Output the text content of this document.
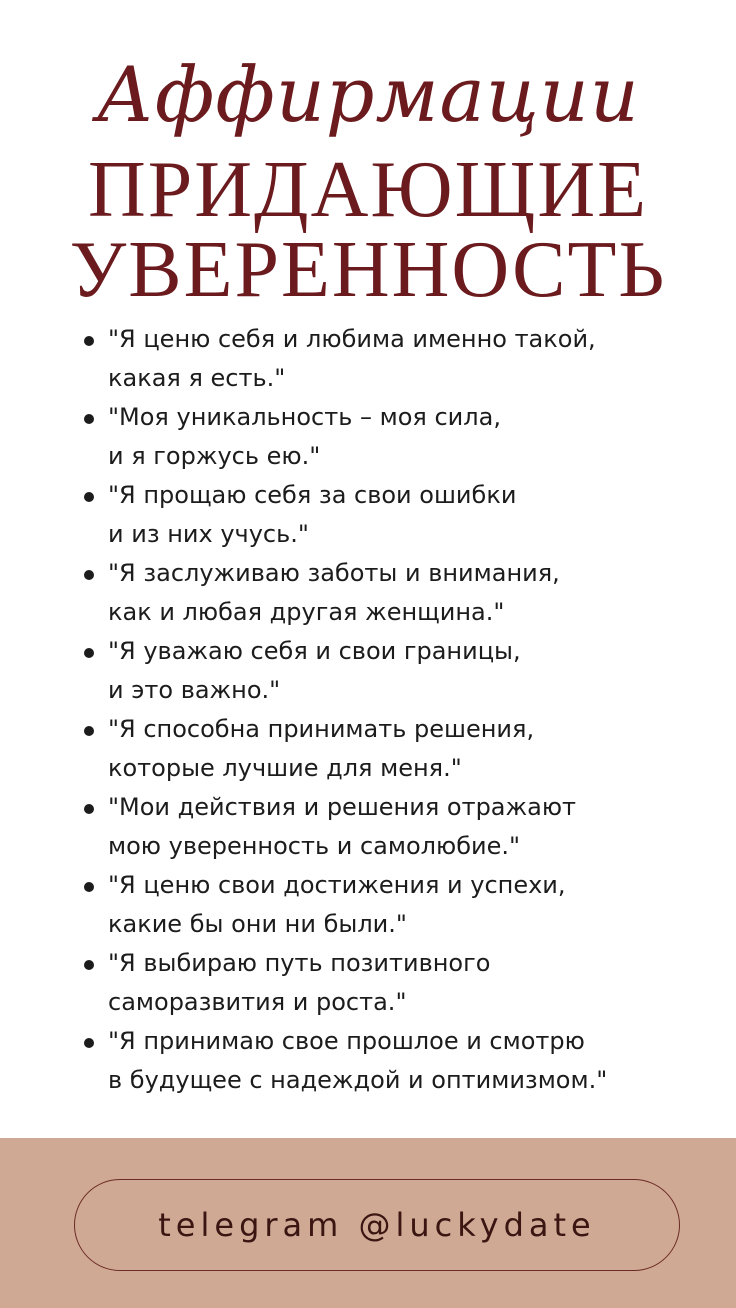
Аффирмации
ПРИДАЮЩИЕ
УВЕРЕННОСТЬ
"Я ценю себя и любима именно такой,
какая я есть."
"Моя уникальность – моя сила,
и я горжусь ею."
"Я прощаю себя за свои ошибки
и из них учусь."
"Я заслуживаю заботы и внимания,
как и любая другая женщина."
"Я уважаю себя и свои границы,
и это важно."
"Я способна принимать решения,
которые лучшие для меня."
"Мои действия и решения отражают
мою уверенность и самолюбие."
"Я ценю свои достижения и успехи,
какие бы они ни были."
"Я выбираю путь позитивного
саморазвития и роста."
"Я принимаю свое прошлое и смотрю
в будущее с надеждой и оптимизмом."
telegram @luckydate
